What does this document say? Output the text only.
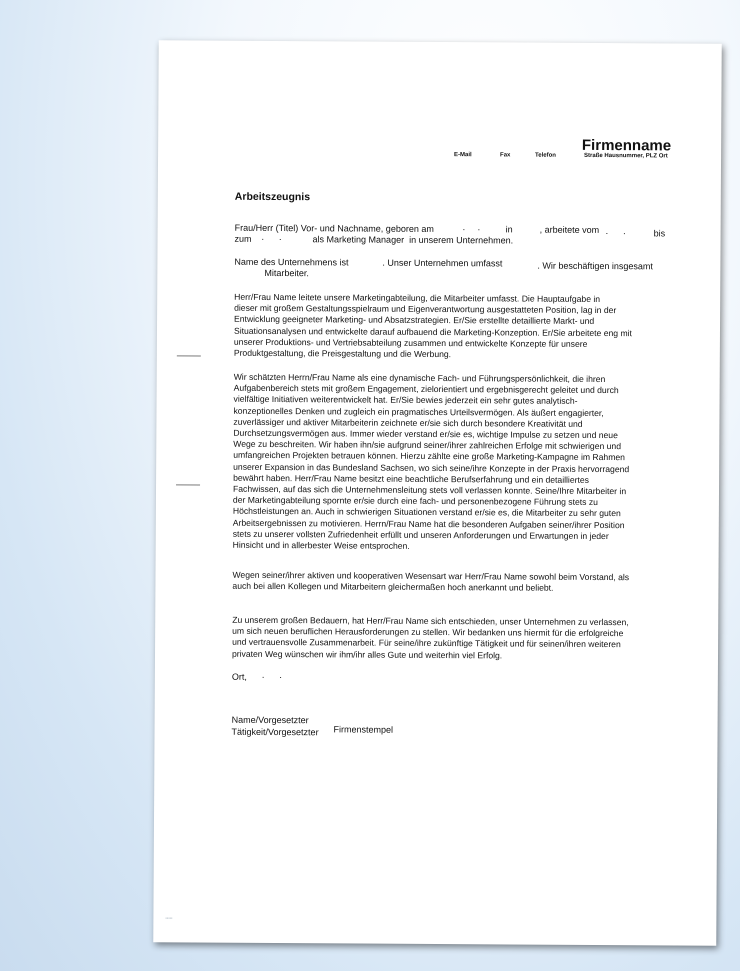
Firmenname
E-Mail	Fax	Telefon	Straße Hausnummer, PLZ Ort
Arbeitszeugnis
Frau/Herr (Titel) Vor- und Nachname, geboren am	.     .	in	, arbeitete vom .      .	bis
zum .      .	als Marketing Manager  in unserem Unternehmen.
Name des Unternehmens ist	. Unser Unternehmen umfasst	. Wir beschäftigen insgesamt
Mitarbeiter.
Herr/Frau Name leitete unsere Marketingabteilung, die Mitarbeiter umfasst. Die Hauptaufgabe in
dieser mit großem Gestaltungsspielraum und Eigenverantwortung ausgestatteten Position, lag in der
Entwicklung geeigneter Marketing- und Absatzstrategien. Er/Sie erstellte detaillierte Markt- und
Situationsanalysen und entwickelte darauf aufbauend die Marketing-Konzeption. Er/Sie arbeitete eng mit
unserer Produktions- und Vertriebsabteilung zusammen und entwickelte Konzepte für unsere
Produktgestaltung, die Preisgestaltung und die Werbung.
Wir schätzten Herrn/Frau Name als eine dynamische Fach- und Führungspersönlichkeit, die ihren
Aufgabenbereich stets mit großem Engagement, zielorientiert und ergebnisgerecht geleitet und durch
vielfältige Initiativen weiterentwickelt hat. Er/Sie bewies jederzeit ein sehr gutes analytisch-
konzeptionelles Denken und zugleich ein pragmatisches Urteilsvermögen. Als äußert engagierter,
zuverlässiger und aktiver Mitarbeiterin zeichnete er/sie sich durch besondere Kreativität und
Durchsetzungsvermögen aus. Immer wieder verstand er/sie es, wichtige Impulse zu setzen und neue
Wege zu beschreiten. Wir haben ihn/sie aufgrund seiner/ihrer zahlreichen Erfolge mit schwierigen und
umfangreichen Projekten betrauen können. Hierzu zählte eine große Marketing-Kampagne im Rahmen
unserer Expansion in das Bundesland Sachsen, wo sich seine/ihre Konzepte in der Praxis hervorragend
bewährt haben. Herr/Frau Name besitzt eine beachtliche Berufserfahrung und ein detailliertes
Fachwissen, auf das sich die Unternehmensleitung stets voll verlassen konnte. Seine/Ihre Mitarbeiter in
der Marketingabteilung spornte er/sie durch eine fach- und personenbezogene Führung stets zu
Höchstleistungen an. Auch in schwierigen Situationen verstand er/sie es, die Mitarbeiter zu sehr guten
Arbeitsergebnissen zu motivieren. Herrn/Frau Name hat die besonderen Aufgaben seiner/ihrer Position
stets zu unserer vollsten Zufriedenheit erfüllt und unseren Anforderungen und Erwartungen in jeder
Hinsicht und in allerbester Weise entsprochen.
Wegen seiner/ihrer aktiven und kooperativen Wesensart war Herr/Frau Name sowohl beim Vorstand, als
auch bei allen Kollegen und Mitarbeitern gleichermaßen hoch anerkannt und beliebt.
Zu unserem großen Bedauern, hat Herr/Frau Name sich entschieden, unser Unternehmen zu verlassen,
um sich neuen beruflichen Herausforderungen zu stellen. Wir bedanken uns hiermit für die erfolgreiche
und vertrauensvolle Zusammenarbeit. Für seine/ihre zukünftige Tätigkeit und für seinen/ihren weiteren
privaten Weg wünschen wir ihm/ihr alles Gute und weiterhin viel Erfolg.
Ort, .      .
Name/Vorgesetzter
Tätigkeit/Vorgesetzter Firmenstempel
▪▪▪▪▪
